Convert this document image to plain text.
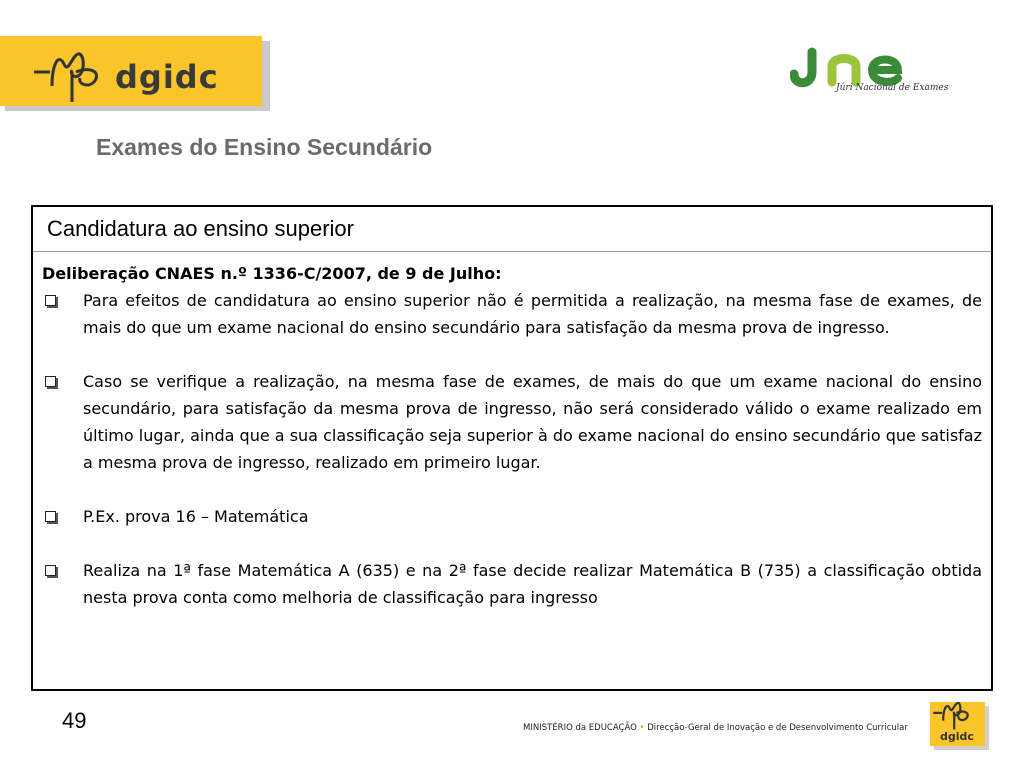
dgidc	Júri Nacional de Exames
Exames do Ensino Secundário
Candidatura ao ensino superior
Deliberação CNAES n.º 1336-C/2007, de 9 de Julho:
Para efeitos de candidatura ao ensino superior não é permitida a realização, na mesma fase de exames, de mais do que um exame nacional do ensino secundário para satisfação da mesma prova de ingresso.
Caso se verifique a realização, na mesma fase de exames, de mais do que um exame nacional do ensino secundário, para satisfação da mesma prova de ingresso, não será considerado válido o exame realizado em último lugar, ainda que a sua classificação seja superior à do exame nacional do ensino secundário que satisfaz a mesma prova de ingresso, realizado em primeiro lugar.
P.Ex. prova 16 – Matemática
Realiza na 1ª fase Matemática A (635) e na 2ª fase decide realizar Matemática B (735) a classificação obtida nesta prova conta como melhoria de classificação para ingresso
49	MINISTÉRIO da EDUCAÇÃO • Direcção-Geral de Inovação e de Desenvolvimento Curricular
dgidc
